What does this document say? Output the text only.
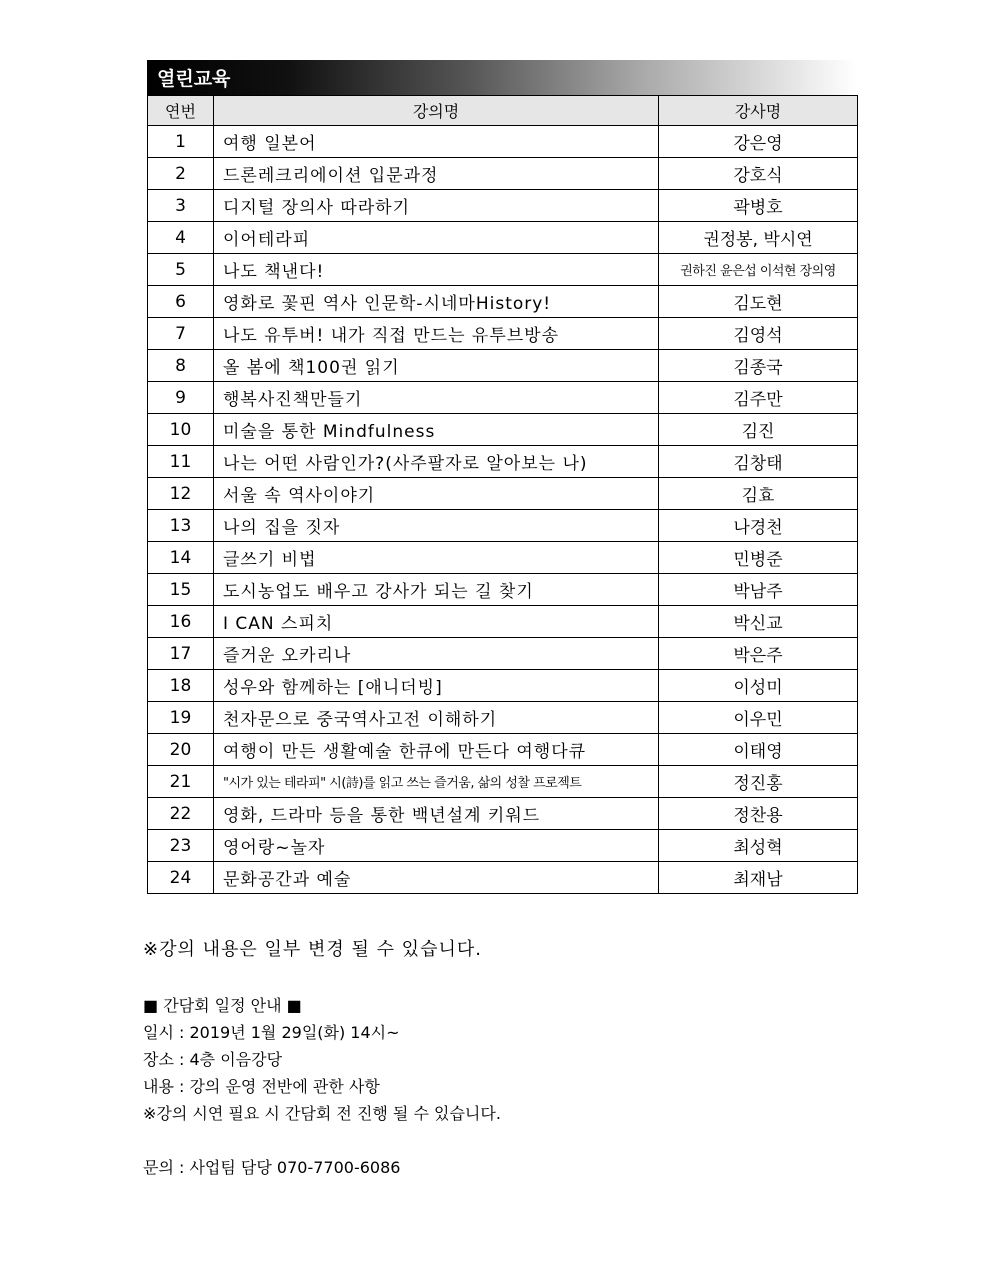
열린교육
연번	강의명	강사명
1	여행 일본어	강은영
2	드론레크리에이션 입문과정	강호식
3	디지털 장의사 따라하기	곽병호
4	이어테라피	권정봉, 박시연
5	나도 책낸다!	권하진 윤은섭 이석현 장의영
6	영화로 꽃핀 역사 인문학-시네마History!	김도현
7	나도 유투버! 내가 직접 만드는 유투브방송	김영석
8	올 봄에 책100권 읽기	김종국
9	행복사진책만들기	김주만
10	미술을 통한 Mindfulness	김진
11	나는 어떤 사람인가?(사주팔자로 알아보는 나)	김창태
12	서울 속 역사이야기	김효
13	나의 집을 짓자	나경천
14	글쓰기 비법	민병준
15	도시농업도 배우고 강사가 되는 길 찾기	박남주
16	I CAN 스피치	박신교
17	즐거운 오카리나	박은주
18	성우와 함께하는 [애니더빙]	이성미
19	천자문으로 중국역사고전 이해하기	이우민
20	여행이 만든 생활예술 한큐에 만든다 여행다큐	이태영
21	"시가 있는 테라피" 시(詩)를 읽고 쓰는 즐거움, 삶의 성찰 프로젝트	정진홍
22	영화, 드라마 등을 통한 백년설계 키워드	정찬용
23	영어랑~놀자	최성혁
24	문화공간과 예술	최재남
※강의 내용은 일부 변경 될 수 있습니다.
■ 간담회 일정 안내 ■
일시 : 2019년 1월 29일(화) 14시~
장소 : 4층 이음강당
내용 : 강의 운영 전반에 관한 사항
※강의 시연 필요 시 간담회 전 진행 될 수 있습니다.
문의 : 사업팀 담당 070-7700-6086
